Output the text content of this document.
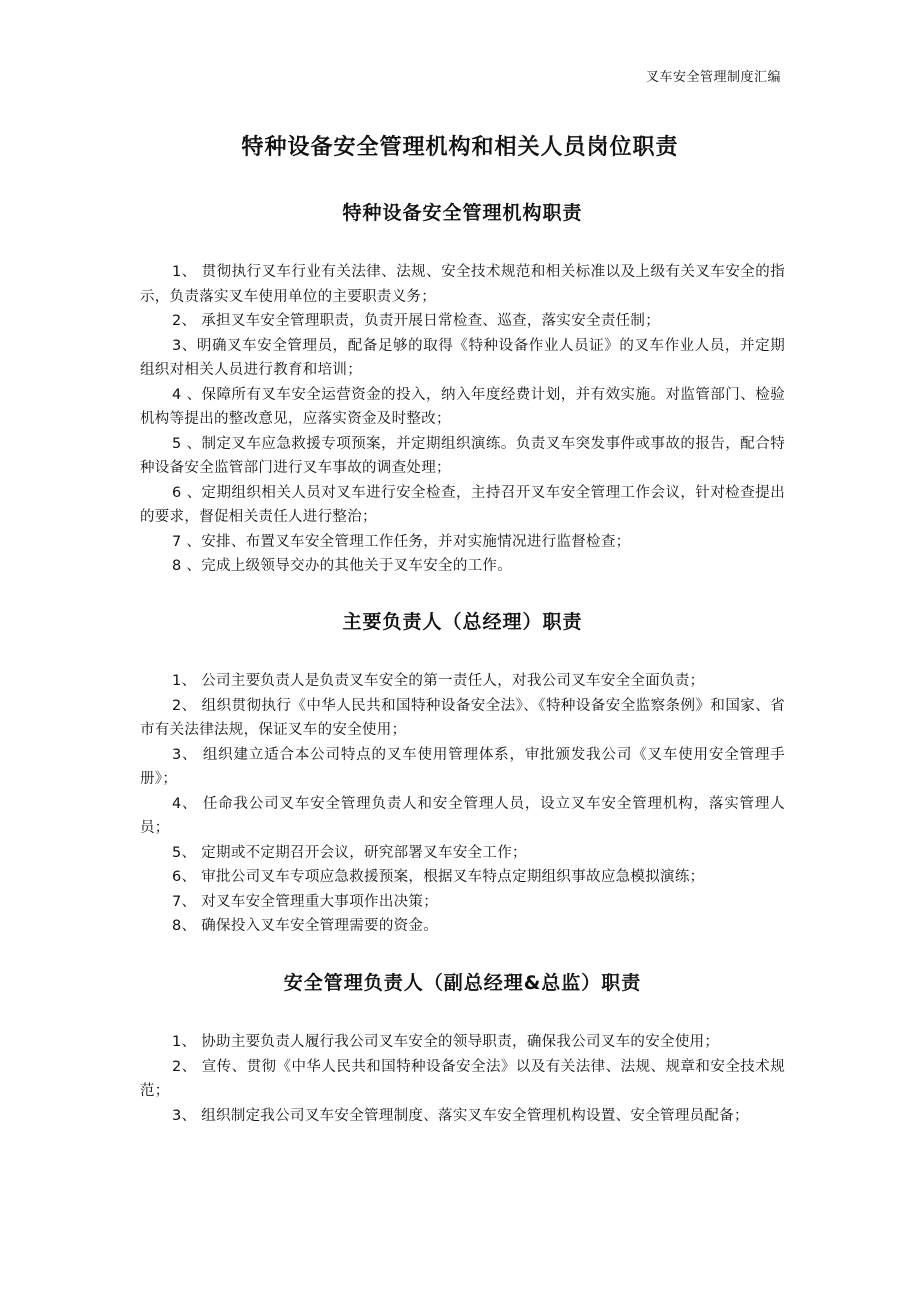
叉车安全管理制度汇编
特种设备安全管理机构和相关人员岗位职责
特种设备安全管理机构职责

1、 贯彻执行叉车行业有关法律、法规、安全技术规范和相关标准以及上级有关叉车安全的指示，负责落实叉车使用单位的主要职责义务；

2、 承担叉车安全管理职责，负责开展日常检查、巡查，落实安全责任制；

3、明确叉车安全管理员，配备足够的取得《特种设备作业人员证》的叉车作业人员，并定期组织对相关人员进行教育和培训；

4 、保障所有叉车安全运营资金的投入，纳入年度经费计划，并有效实施。对监管部门、检验机构等提出的整改意见，应落实资金及时整改；

5 、制定叉车应急救援专项预案，并定期组织演练。负责叉车突发事件或事故的报告，配合特种设备安全监管部门进行叉车事故的调查处理；

6 、定期组织相关人员对叉车进行安全检查，主持召开叉车安全管理工作会议，针对检查提出的要求，督促相关责任人进行整治；

7 、安排、布置叉车安全管理工作任务，并对实施情况进行监督检查；

8 、完成上级领导交办的其他关于叉车安全的工作。

主要负责人（总经理）职责

1、 公司主要负责人是负责叉车安全的第一责任人，对我公司叉车安全全面负责；

2、 组织贯彻执行《中华人民共和国特种设备安全法》、《特种设备安全监察条例》和国家、省市有关法律法规，保证叉车的安全使用；

3、 组织建立适合本公司特点的叉车使用管理体系，审批颁发我公司《叉车使用安全管理手册》；

4、 任命我公司叉车安全管理负责人和安全管理人员，设立叉车安全管理机构，落实管理人员；

5、 定期或不定期召开会议，研究部署叉车安全工作；

6、 审批公司叉车专项应急救援预案，根据叉车特点定期组织事故应急模拟演练；

7、 对叉车安全管理重大事项作出决策；

8、 确保投入叉车安全管理需要的资金。

安全管理负责人（副总经理&总监）职责

1、 协助主要负责人履行我公司叉车安全的领导职责，确保我公司叉车的安全使用；

2、 宣传、贯彻《中华人民共和国特种设备安全法》以及有关法律、法规、规章和安全技术规范；

3、 组织制定我公司叉车安全管理制度、落实叉车安全管理机构设置、安全管理员配备；
